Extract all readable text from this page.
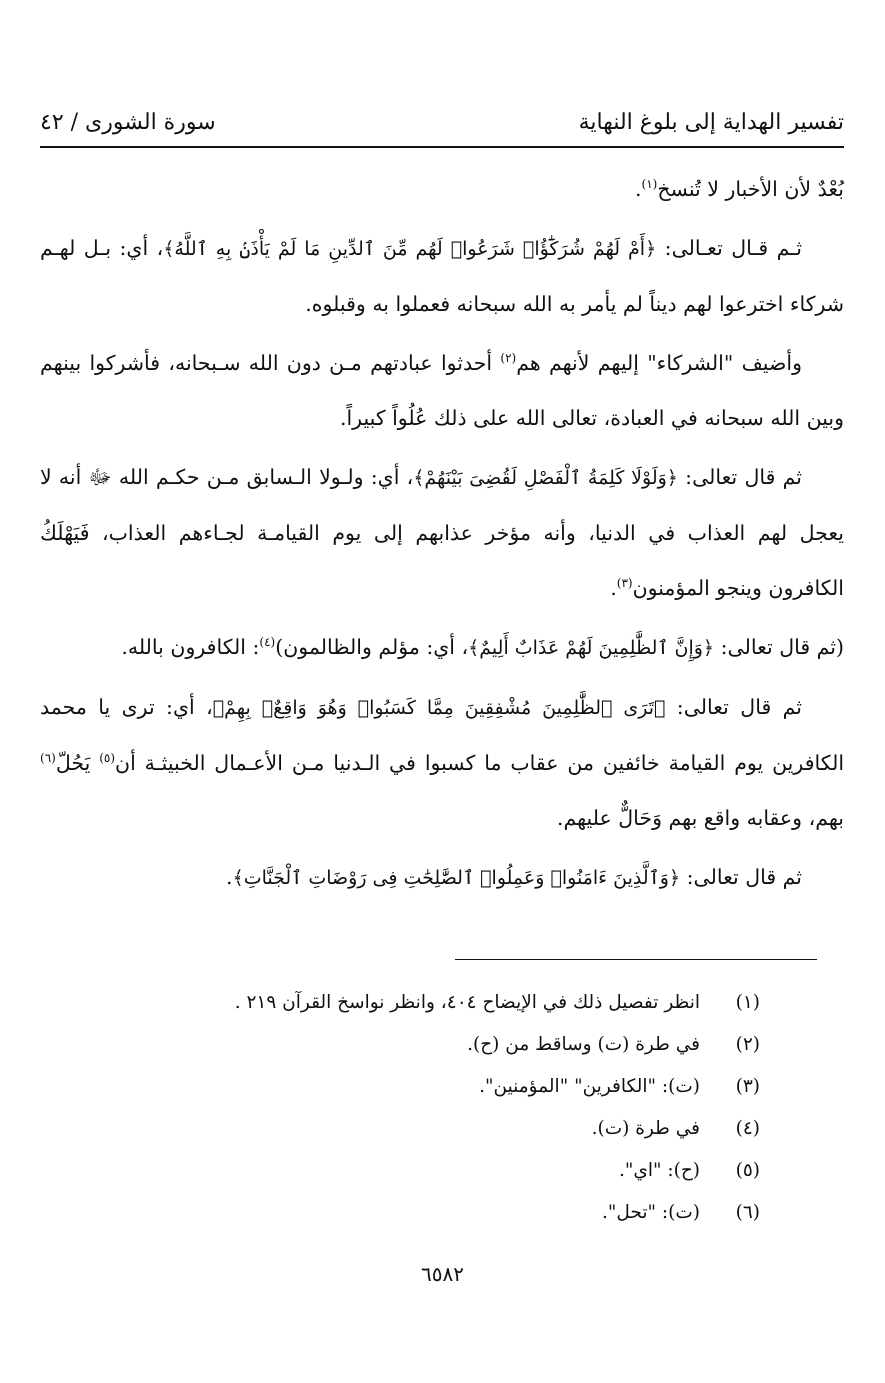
سورة الشورى / ٤٢	تفسير الهداية إلى بلوغ النهاية

بُعْدٌ لأن الأخبار لا تُنسخ$^{(١)}$.

ثـم قـال تعـالى: ﴿أَمْ لَهُمْ شُرَكَٰٓؤُا۟ شَرَعُوا۟ لَهُم مِّنَ ٱلدِّينِ مَا لَمْ يَأْذَنۢ بِهِ ٱللَّهُ﴾، أي: بـل لهـم شركاء اخترعوا لهم ديناً لم يأمر به الله سبحانه فعملوا به وقبلوه.

وأضيف "الشركاء" إليهم لأنهم هم$^{(٢)}$ أحدثوا عبادتهم مـن دون الله سـبحانه، فأشركوا بينهم وبين الله سبحانه في العبادة، تعالى الله على ذلك عُلُواً كبيراً.

ثم قال تعالى: ﴿وَلَوْلَا كَلِمَةُ ٱلْفَصْلِ لَقُضِىَ بَيْنَهُمْ﴾، أي: ولـولا الـسابق مـن حكـم الله ﷻ أنه لا يعجل لهم العذاب في الدنيا، وأنه مؤخر عذابهم إلى يوم القيامـة لجـاءهم العذاب، فَيَهْلَكُ الكافرون وينجو المؤمنون$^{(٣)}$.

(ثم قال تعالى: ﴿وَإِنَّ ٱلظَّٰلِمِينَ لَهُمْ عَذَابٌ أَلِيمٌ﴾، أي: مؤلم والظالمون)$^{(٤)}$: الكافرون بالله.

ثم قال تعالى: ﴿تَرَى ٱلظَّٰلِمِينَ مُشْفِقِينَ مِمَّا كَسَبُوا۟ وَهُوَ وَاقِعٌۢ بِهِمْ﴾، أي: ترى يا محمد الكافرين يوم القيامة خائفين من عقاب ما كسبوا في الـدنيا مـن الأعـمال الخبيثـة أن$^{(٥)}$ يَحُلّ$^{(٦)}$ بهم، وعقابه واقع بهم وَحَالٌّ عليهم.

ثم قال تعالى: ﴿وَٱلَّذِينَ ءَامَنُوا۟ وَعَمِلُوا۟ ٱلصَّٰلِحَٰتِ فِى رَوْضَاتِ ٱلْجَنَّاتِ﴾.

(١)
انظر تفصيل ذلك في الإيضاح ٤٠٤، وانظر نواسخ القرآن ٢١٩ .
(٢)
في طرة (ت) وساقط من (ح).
(٣)
(ت): "الكافرين" "المؤمنين".
(٤)
في طرة (ت).
(٥)
(ح): "اي".
(٦)
(ت): "تحل".
٦٥٨٢
